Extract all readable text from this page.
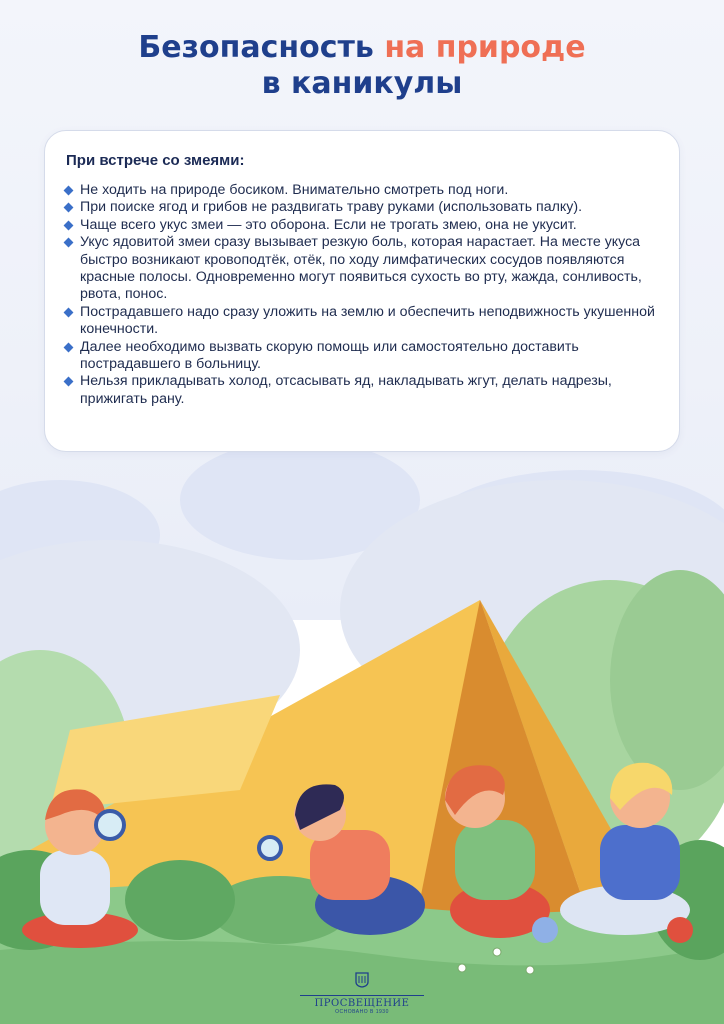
Безопасность на природе
в каникулы
При встрече со змеями:
Не ходить на природе босиком. Внимательно смотреть под ноги.
При поиске ягод и грибов не раздвигать траву руками (использовать палку).
Чаще всего укус змеи — это оборона. Если не трогать змею, она не укусит.
Укус ядовитой змеи сразу вызывает резкую боль, которая нарастает. На месте укуса быстро возникают кровоподтёк, отёк, по ходу лимфатических сосудов появляются красные полосы. Одновременно могут появиться сухость во рту, жажда, сонливость, рвота, понос.
Пострадавшего надо сразу уложить на землю и обеспечить неподвижность укушенной конечности.
Далее необходимо вызвать скорую помощь или самостоятельно доставить пострадавшего в больницу.
Нельзя прикладывать холод, отсасывать яд, накладывать жгут, делать надрезы, прижигать рану.
ПРОСВЕЩЕНИЕ
ОСНОВАНО В 1930
